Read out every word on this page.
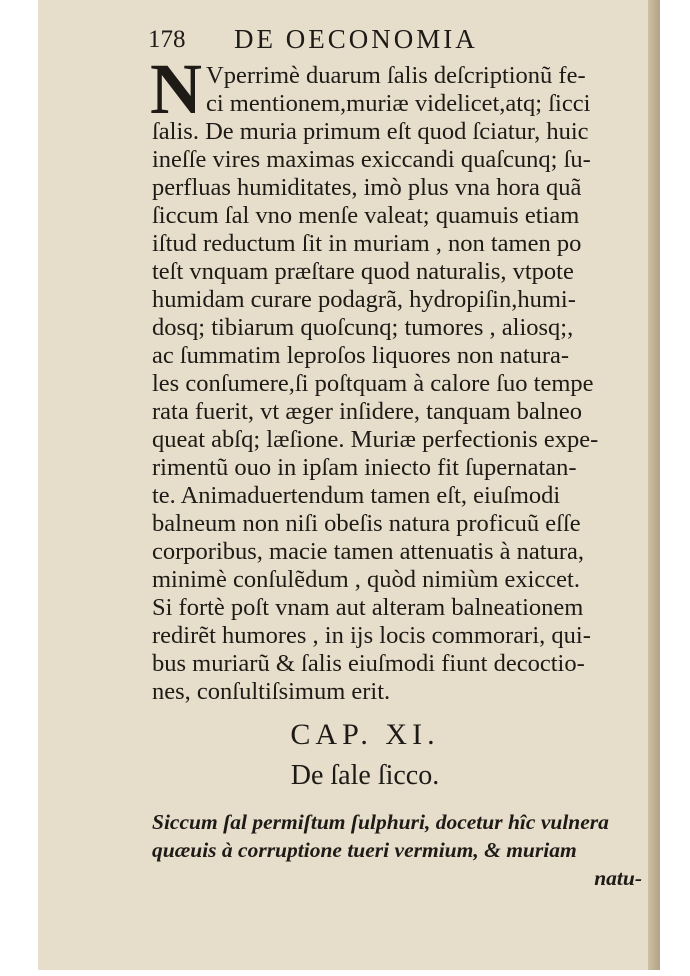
178 DE OECONOMIA
N Vperrimè duarum ſalis deſcriptionũ fe-
ci mentionem,muriæ videlicet,atq; ſicci
ſalis. De muria primum eſt quod ſciatur, huic
ineſſe vires maximas exiccandi quaſcunq; ſu-
perfluas humiditates, imò plus vna hora quã
ſiccum ſal vno menſe valeat; quamuis etiam
iſtud reductum ſit in muriam , non tamen po
teſt vnquam præſtare quod naturalis, vtpote
humidam curare podagrã, hydropiſin,humi-
dosq; tibiarum quoſcunq; tumores , aliosq;,
ac ſummatim leproſos liquores non natura-
les conſumere,ſi poſtquam à calore ſuo tempe
rata fuerit, vt æger inſidere, tanquam balneo
queat abſq; læſione. Muriæ perfectionis expe-
rimentũ ouo in ipſam iniecto fit ſupernatan-
te. Animaduertendum tamen eſt, eiuſmodi
balneum non niſi obeſis natura proficuũ eſſe
corporibus, macie tamen attenuatis à natura,
minimè conſulẽdum , quòd nimiùm exiccet.
Si fortè poſt vnam aut alteram balneationem
redirẽt humores , in ijs locis commorari, qui-
bus muriarũ & ſalis eiuſmodi fiunt decoctio-
nes, conſultiſsimum erit.
CAP. XI.
De ſale ſicco.
Siccum ſal permiſtum ſulphuri, docetur hîc vulnera
quæuis à corruptione tueri vermium, & muriam
natu-
